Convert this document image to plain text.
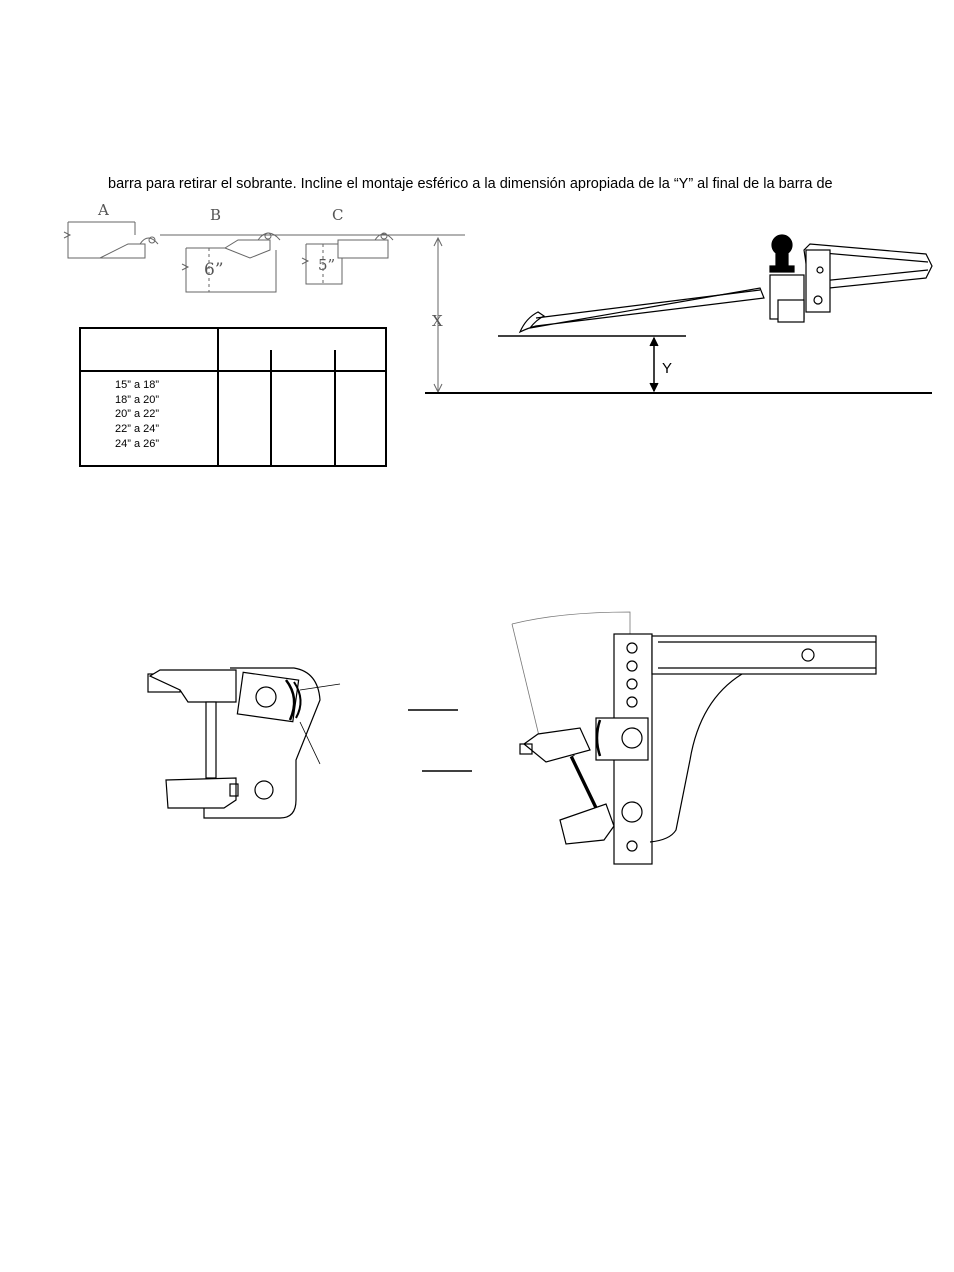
barra para retirar el sobrante. Incline el montaje esférico a la dimensión apropiada de la “Y” al final de la barra de
A	B	C
6”	5”
X
Y
15” a 18”
18” a 20”
20” a 22”
22” a 24”
24” a 26”
